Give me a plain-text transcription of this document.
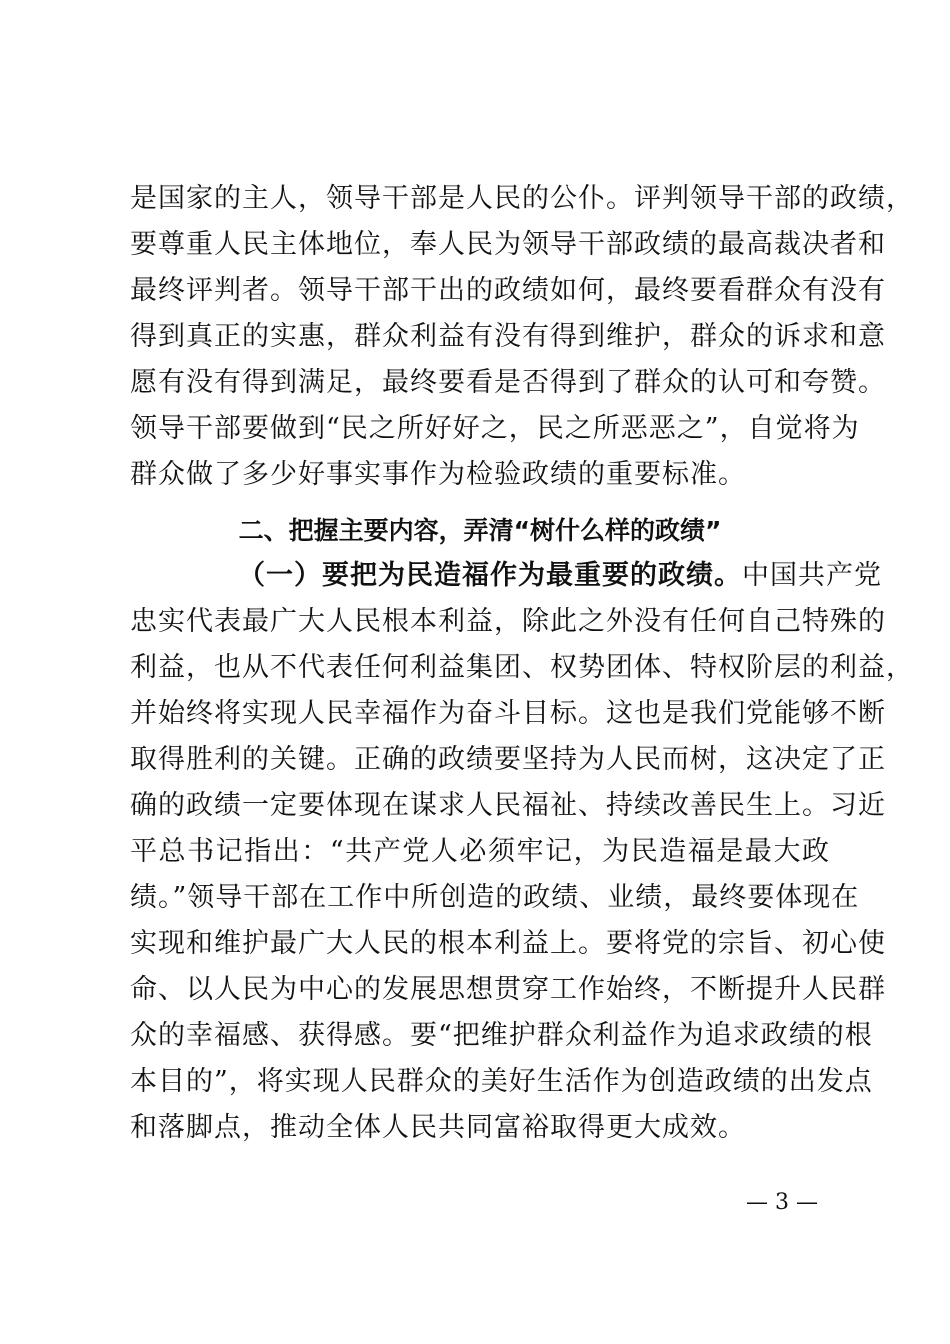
是国家的主人，领导干部是人民的公仆。评判领导干部的政绩，
要尊重人民主体地位，奉人民为领导干部政绩的最高裁决者和
最终评判者。领导干部干出的政绩如何，最终要看群众有没有
得到真正的实惠，群众利益有没有得到维护，群众的诉求和意
愿有没有得到满足，最终要看是否得到了群众的认可和夸赞。
领导干部要做到“民之所好好之，民之所恶恶之”，自觉将为
群众做了多少好事实事作为检验政绩的重要标准。
二、把握主要内容，弄清“树什么样的政绩”
（一）要把为民造福作为最重要的政绩。中国共产党
忠实代表最广大人民根本利益，除此之外没有任何自己特殊的
利益，也从不代表任何利益集团、权势团体、特权阶层的利益，
并始终将实现人民幸福作为奋斗目标。这也是我们党能够不断
取得胜利的关键。正确的政绩要坚持为人民而树，这决定了正
确的政绩一定要体现在谋求人民福祉、持续改善民生上。习近
平总书记指出：“共产党人必须牢记，为民造福是最大政
绩。”领导干部在工作中所创造的政绩、业绩，最终要体现在
实现和维护最广大人民的根本利益上。要将党的宗旨、初心使
命、以人民为中心的发展思想贯穿工作始终，不断提升人民群
众的幸福感、获得感。要“把维护群众利益作为追求政绩的根
本目的”，将实现人民群众的美好生活作为创造政绩的出发点
和落脚点，推动全体人民共同富裕取得更大成效。
— 3 —
